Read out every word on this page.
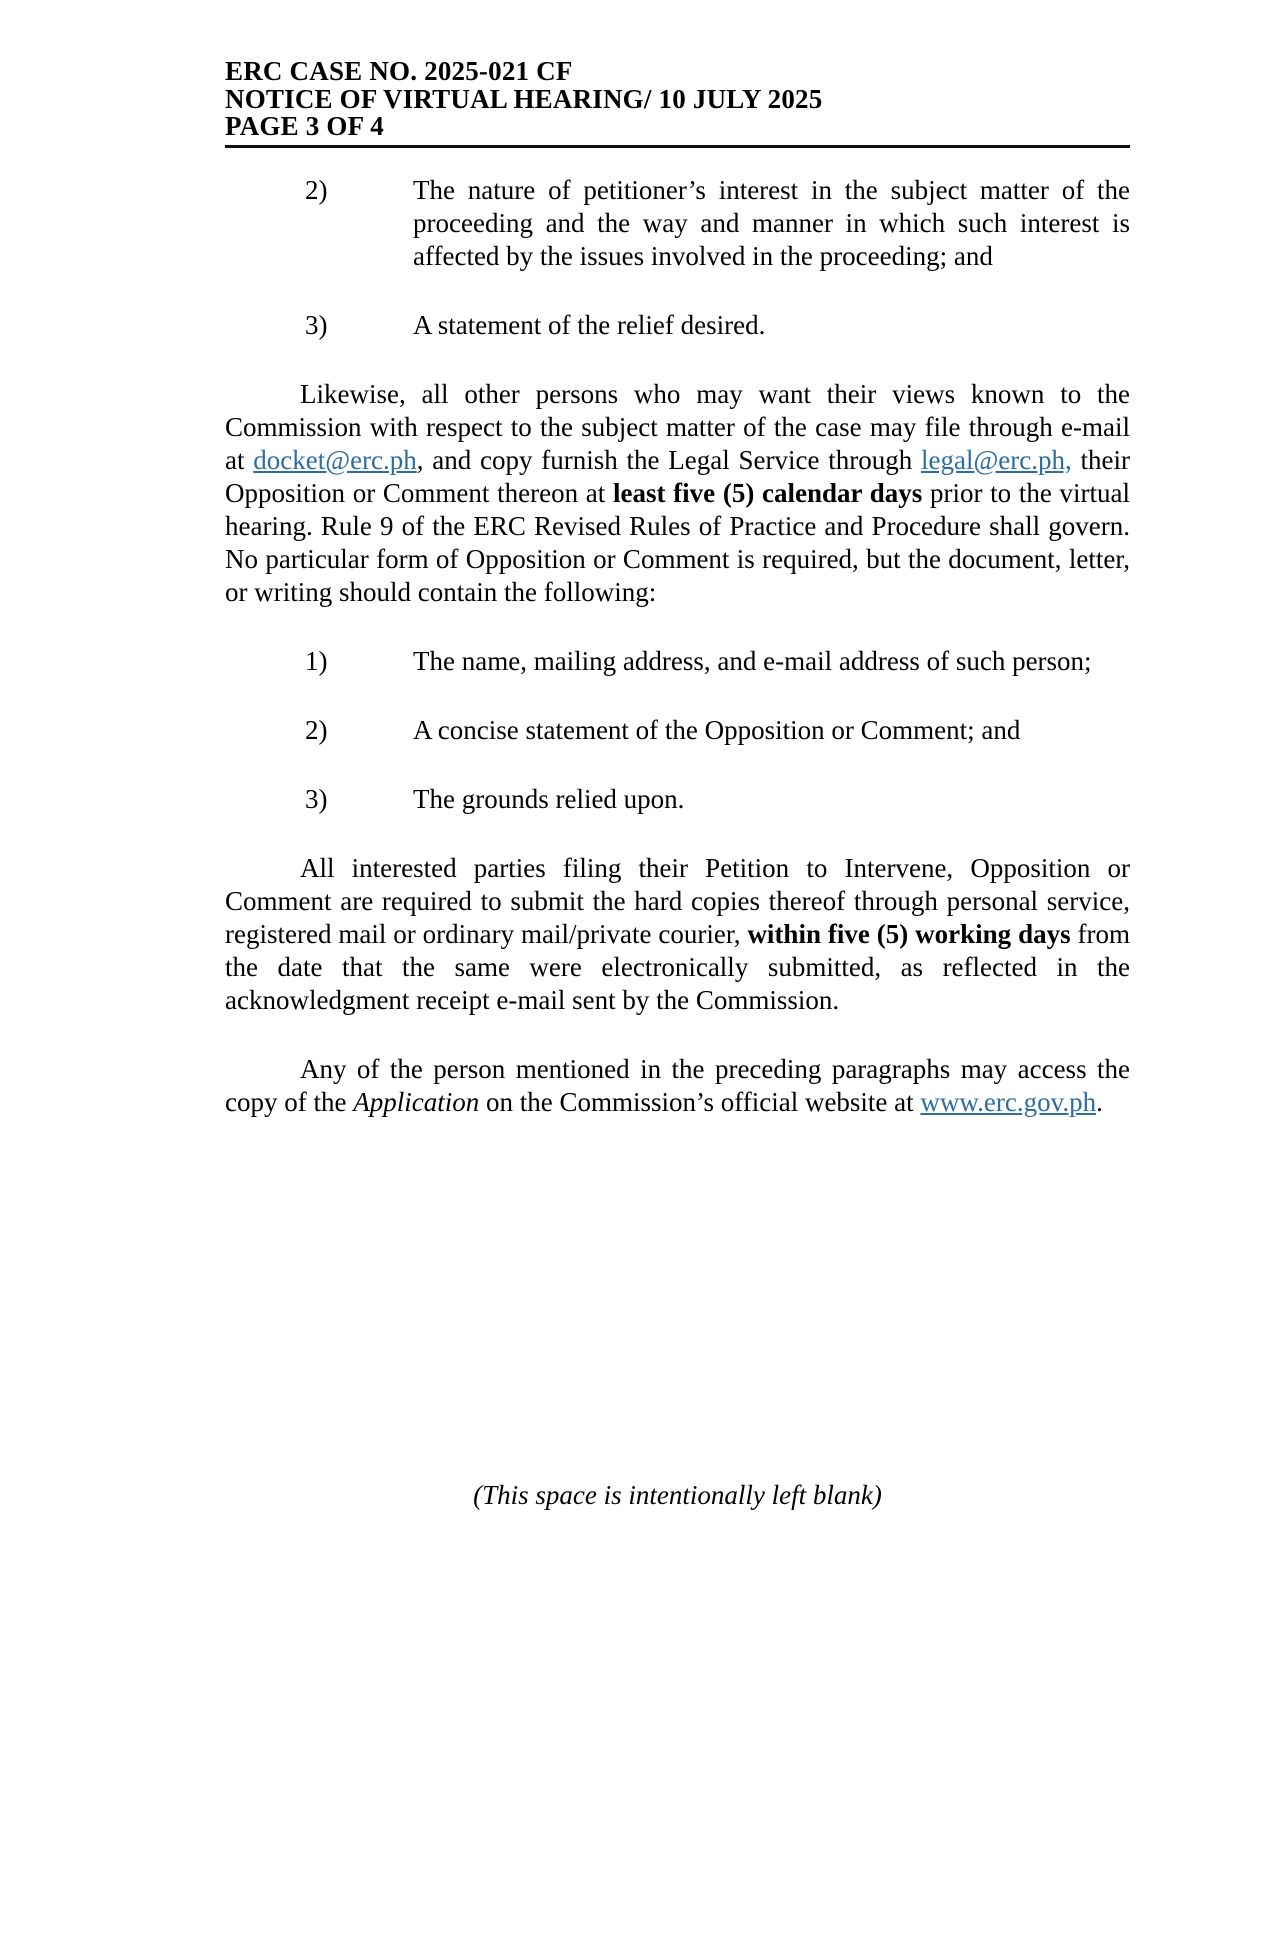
ERC CASE NO. 2025-021 CF
NOTICE OF VIRTUAL HEARING/ 10 JULY 2025
PAGE 3 OF 4
2)	The nature of petitioner’s interest in the subject matter of the proceeding and the way and manner in which such interest is affected by the issues involved in the proceeding; and
3)	A statement of the relief desired.
Likewise, all other persons who may want their views known to the Commission with respect to the subject matter of the case may file through e-mail at docket@erc.ph, and copy furnish the Legal Service through legal@erc.ph, their Opposition or Comment thereon at least five (5) calendar days prior to the virtual hearing. Rule 9 of the ERC Revised Rules of Practice and Procedure shall govern. No particular form of Opposition or Comment is required, but the document, letter, or writing should contain the following:
1)	The name, mailing address, and e-mail address of such person;
2)	A concise statement of the Opposition or Comment; and
3)	The grounds relied upon.
All interested parties filing their Petition to Intervene, Opposition or Comment are required to submit the hard copies thereof through personal service, registered mail or ordinary mail/private courier, within five (5) working days from the date that the same were electronically submitted, as reflected in the acknowledgment receipt e-mail sent by the Commission.
Any of the person mentioned in the preceding paragraphs may access the copy of the Application on the Commission’s official website at www.erc.gov.ph.
(This space is intentionally left blank)
